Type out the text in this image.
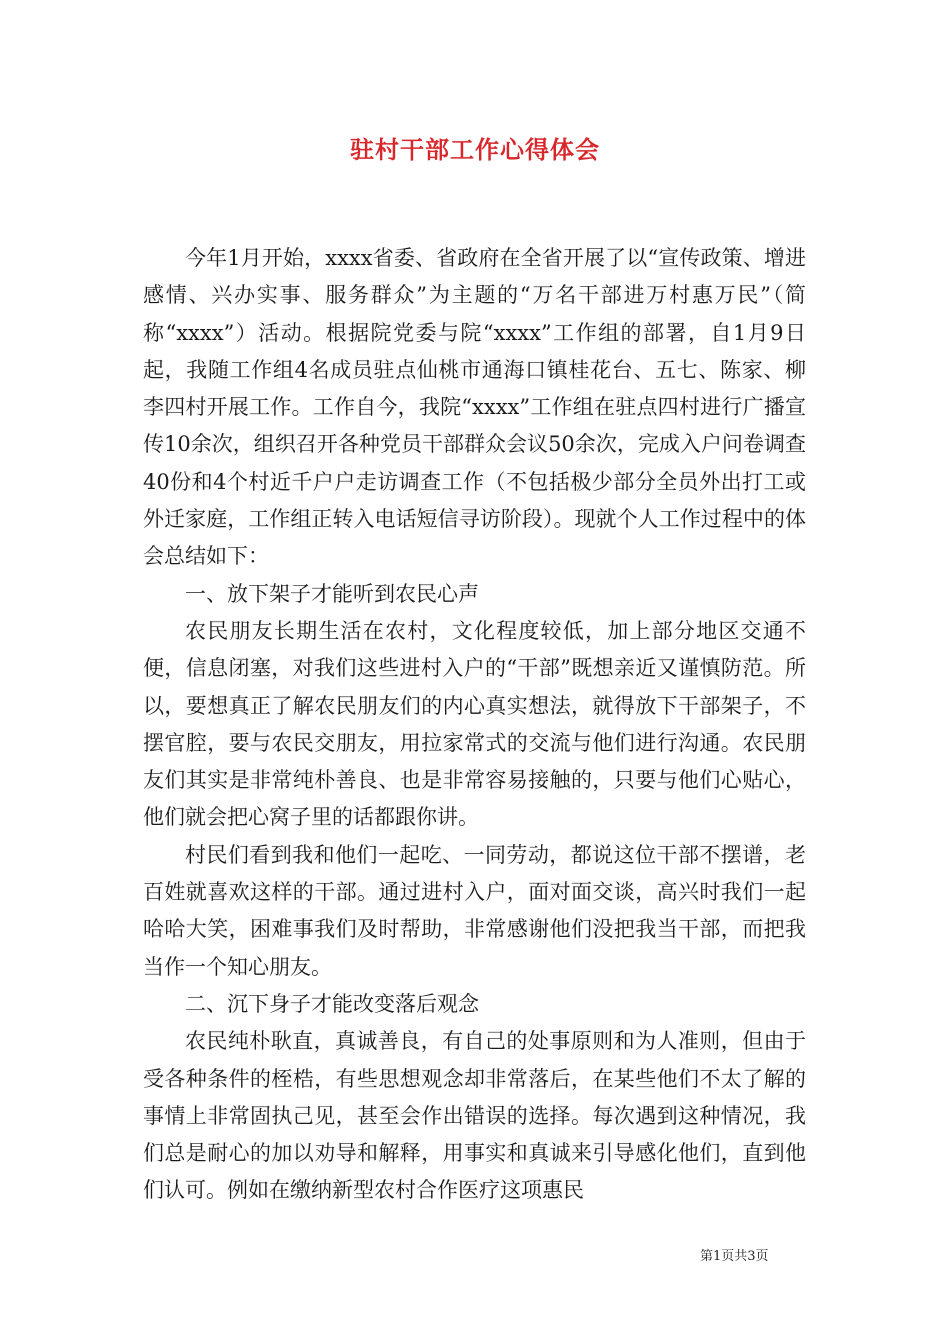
驻村干部工作心得体会

今年1月开始，xxxx省委、省政府在全省开展了以“宣传政策、增进感情、兴办实事、服务群众”为主题的“万名干部进万村惠万民”（简称“xxxx”）活动。根据院党委与院“xxxx”工作组的部署，自1月9日起，我随工作组4名成员驻点仙桃市通海口镇桂花台、五七、陈家、柳李四村开展工作。工作自今，我院“xxxx”工作组在驻点四村进行广播宣传10余次，组织召开各种党员干部群众会议50余次，完成入户问卷调查40份和4个村近千户户走访调查工作（不包括极少部分全员外出打工或外迁家庭，工作组正转入电话短信寻访阶段）。现就个人工作过程中的体会总结如下：

一、放下架子才能听到农民心声

农民朋友长期生活在农村，文化程度较低，加上部分地区交通不便，信息闭塞，对我们这些进村入户的“干部”既想亲近又谨慎防范。所以，要想真正了解农民朋友们的内心真实想法，就得放下干部架子，不摆官腔，要与农民交朋友，用拉家常式的交流与他们进行沟通。农民朋友们其实是非常纯朴善良、也是非常容易接触的，只要与他们心贴心，他们就会把心窝子里的话都跟你讲。

村民们看到我和他们一起吃、一同劳动，都说这位干部不摆谱，老百姓就喜欢这样的干部。通过进村入户，面对面交谈，高兴时我们一起哈哈大笑，困难事我们及时帮助，非常感谢他们没把我当干部，而把我当作一个知心朋友。

二、沉下身子才能改变落后观念

农民纯朴耿直，真诚善良，有自己的处事原则和为人准则，但由于受各种条件的桎梏，有些思想观念却非常落后，在某些他们不太了解的事情上非常固执己见，甚至会作出错误的选择。每次遇到这种情况，我们总是耐心的加以劝导和解释，用事实和真诚来引导感化他们，直到他们认可。例如在缴纳新型农村合作医疗这项惠民

第1页共3页
